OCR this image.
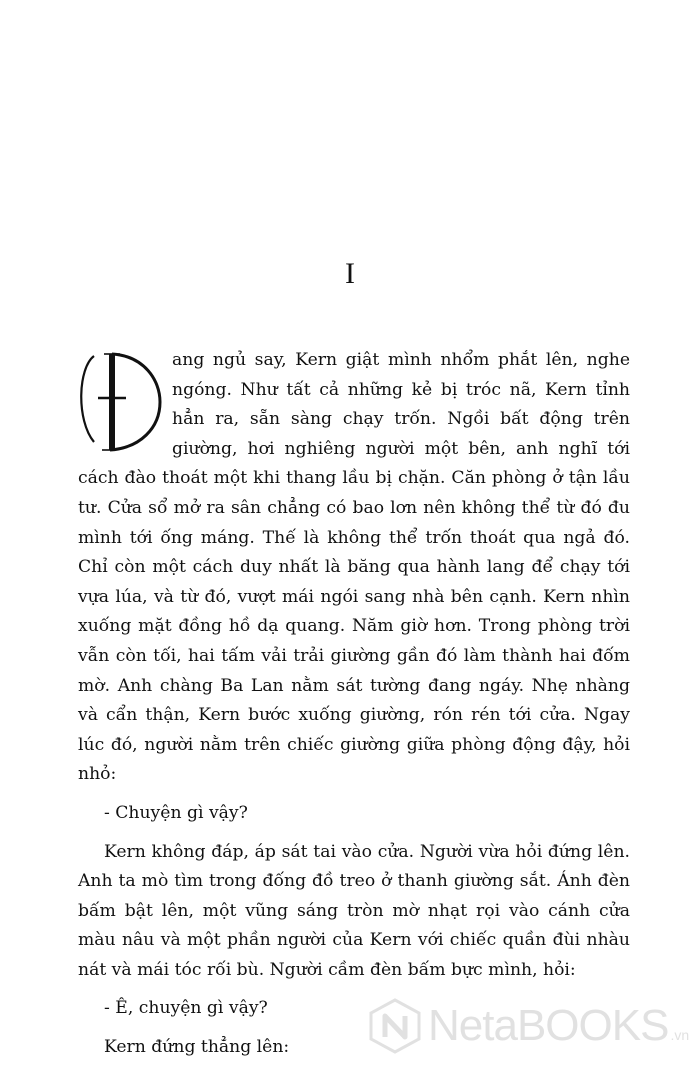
I

ang ngủ say, Kern giật mình nhổm phắt lên, nghe ngóng. Như tất cả những kẻ bị tróc nã, Kern tỉnh hẳn ra, sẵn sàng chạy trốn. Ngồi bất động trên giường, hơi nghiêng người một bên, anh nghĩ tới cách đào thoát một khi thang lầu bị chặn. Căn phòng ở tận lầu tư. Cửa sổ mở ra sân chẳng có bao lơn nên không thể từ đó đu mình tới ống máng. Thế là không thể trốn thoát qua ngả đó. Chỉ còn một cách duy nhất là băng qua hành lang để chạy tới vựa lúa, và từ đó, vượt mái ngói sang nhà bên cạnh. Kern nhìn xuống mặt đồng hồ dạ quang. Năm giờ hơn. Trong phòng trời vẫn còn tối, hai tấm vải trải giường gần đó làm thành hai đốm mờ. Anh chàng Ba Lan nằm sát tường đang ngáy. Nhẹ nhàng và cẩn thận, Kern bước xuống giường, rón rén tới cửa. Ngay lúc đó, người nằm trên chiếc giường giữa phòng động đậy, hỏi nhỏ:

- Chuyện gì vậy?

Kern không đáp, áp sát tai vào cửa. Người vừa hỏi đứng lên. Anh ta mò tìm trong đống đồ treo ở thanh giường sắt. Ánh đèn bấm bật lên, một vũng sáng tròn mờ nhạt rọi vào cánh cửa màu nâu và một phần người của Kern với chiếc quần đùi nhàu nát và mái tóc rối bù. Người cầm đèn bấm bực mình, hỏi:

- Ê, chuyện gì vậy?

Kern đứng thẳng lên:	NetaBOOKS .vn
